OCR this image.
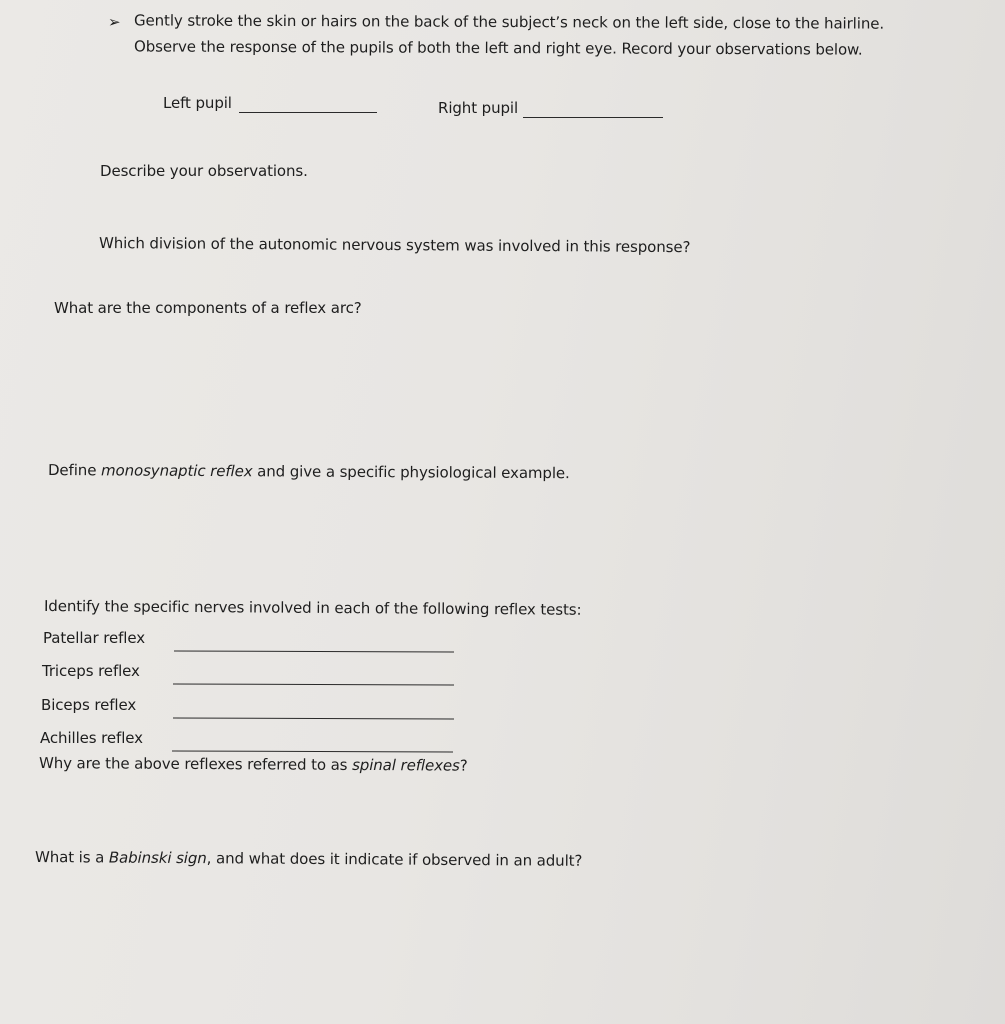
➢ Gently stroke the skin or hairs on the back of the subject’s neck on the left side, close to the hairline.
Observe the response of the pupils of both the left and right eye. Record your observations below.
Left pupil	Right pupil
Describe your observations.
Which division of the autonomic nervous system was involved in this response?
What are the components of a reflex arc?
Define monosynaptic reflex and give a specific physiological example.
Identify the specific nerves involved in each of the following reflex tests:
Patellar reflex
Triceps reflex
Biceps reflex
Achilles reflex
Why are the above reflexes referred to as spinal reflexes?
What is a Babinski sign, and what does it indicate if observed in an adult?
